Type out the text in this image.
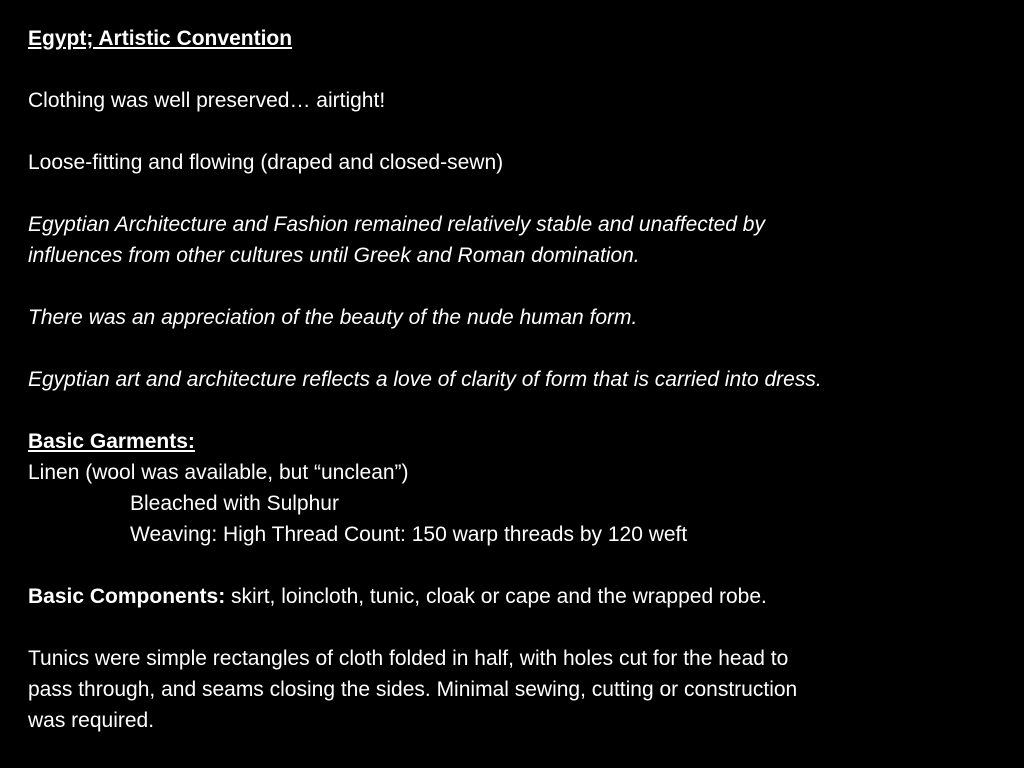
Egypt; Artistic Convention
Clothing was well preserved… airtight!
Loose-fitting and flowing (draped and closed-sewn)
Egyptian Architecture and Fashion remained relatively stable and unaffected by
influences from other cultures until Greek and Roman domination.
There was an appreciation of the beauty of the nude human form.
Egyptian art and architecture reflects a love of clarity of form that is carried into dress.
Basic Garments:
Linen (wool was available, but “unclean”)
Bleached with Sulphur
Weaving: High Thread Count: 150 warp threads by 120 weft
Basic Components: skirt, loincloth, tunic, cloak or cape and the wrapped robe.
Tunics were simple rectangles of cloth folded in half, with holes cut for the head to
pass through, and seams closing the sides. Minimal sewing, cutting or construction
was required.
